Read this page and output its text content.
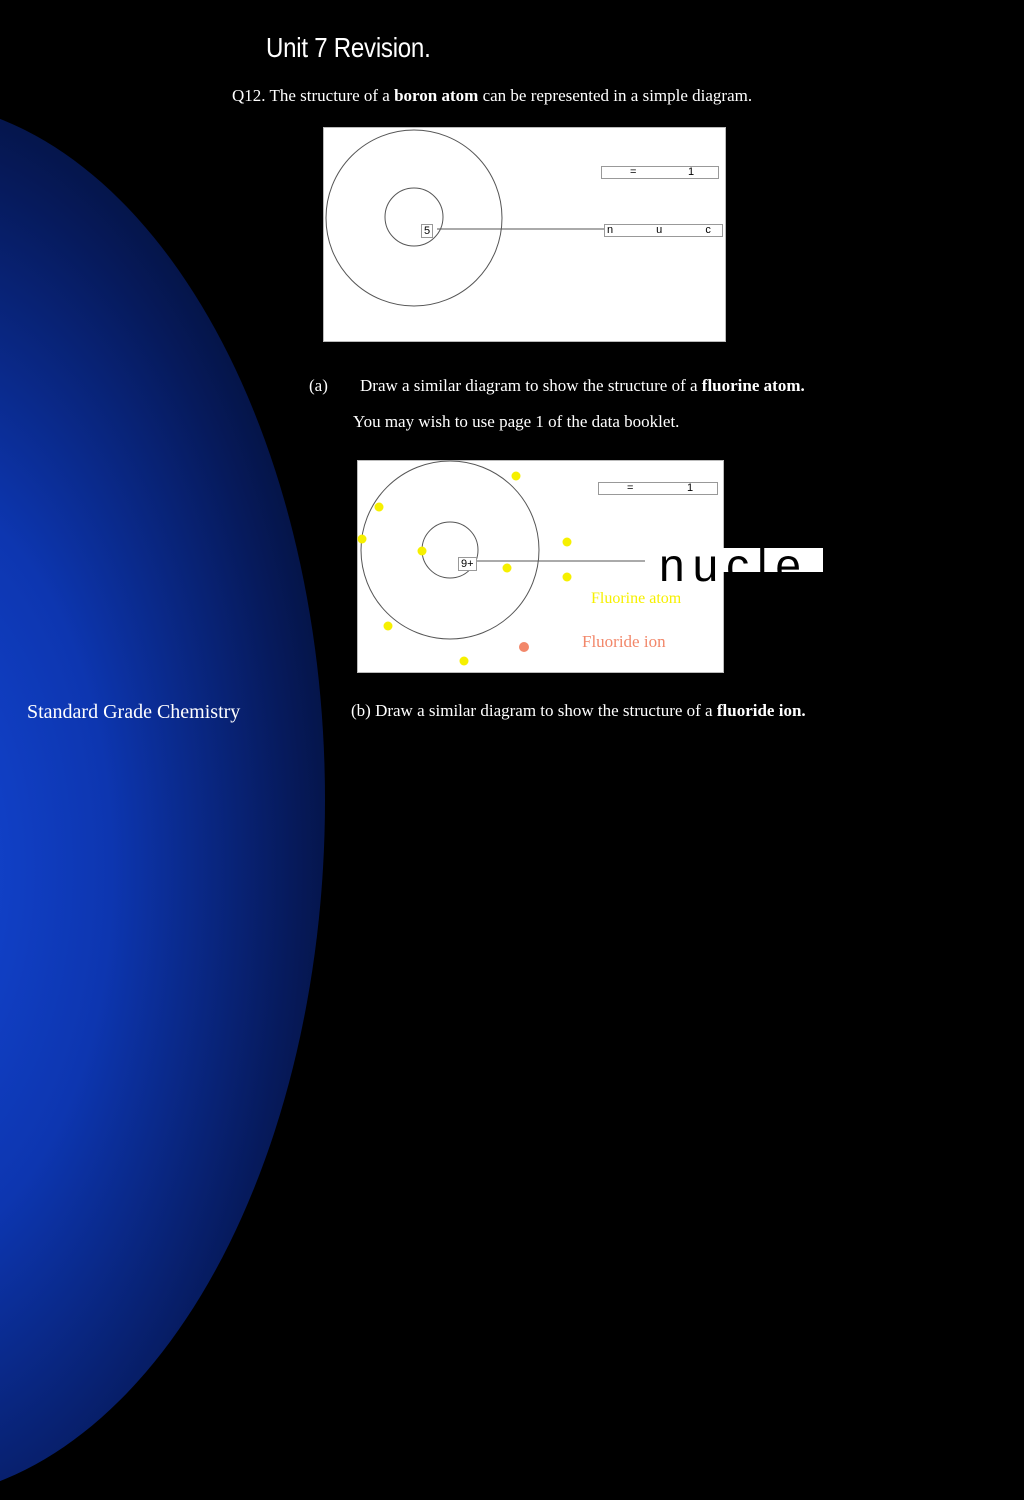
Unit 7 Revision.
Q12. The structure of a boron atom can be represented in a simple diagram.
5
=	1
n u c l e u
(a) Draw a similar diagram to show the structure of a fluorine atom.
You may wish to use page 1 of the data booklet.
9+
=	1
nucle
Fluorine atom
Fluoride ion
Standard Grade Chemistry	(b) Draw a similar diagram to show the structure of a fluoride ion.
